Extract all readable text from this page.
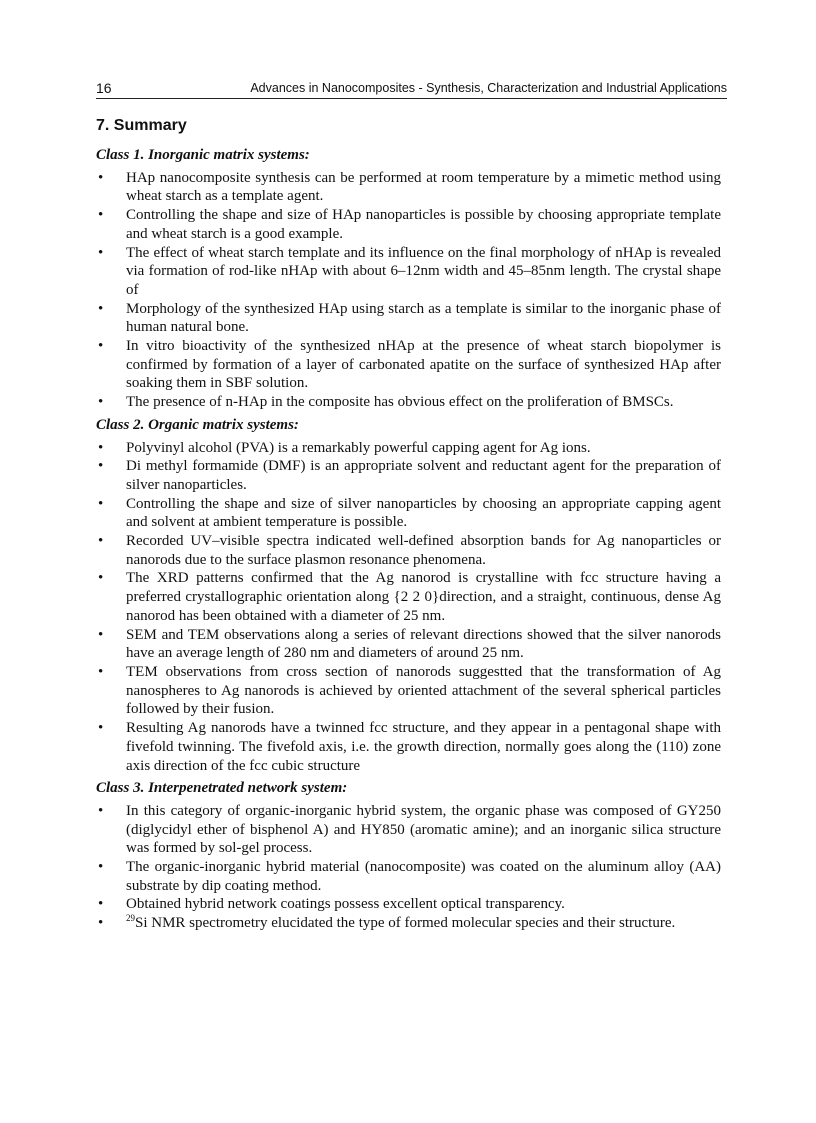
16	Advances in Nanocomposites - Synthesis, Characterization and Industrial Applications
7. Summary
Class 1. Inorganic matrix systems:
• HAp nanocomposite synthesis can be performed at room temperature by a mimetic method using wheat starch as a template agent.
• Controlling the shape and size of HAp nanoparticles is possible by choosing appropriate template and wheat starch is a good example.
• The effect of wheat starch template and its influence on the final morphology of nHAp is revealed via formation of rod-like nHAp with about 6–12nm width and 45–85nm length. The crystal shape of
• Morphology of the synthesized HAp using starch as a template is similar to the inorganic phase of human natural bone.
• In vitro bioactivity of the synthesized nHAp at the presence of wheat starch biopolymer is confirmed by formation of a layer of carbonated apatite on the surface of synthesized HAp after soaking them in SBF solution.
• The presence of n-HAp in the composite has obvious effect on the proliferation of BMSCs.
Class 2. Organic matrix systems:
• Polyvinyl alcohol (PVA) is a remarkably powerful capping agent for Ag ions.
• Di methyl formamide (DMF) is an appropriate solvent and reductant agent for the preparation of silver nanoparticles.
• Controlling the shape and size of silver nanoparticles by choosing an appropriate capping agent and solvent at ambient temperature is possible.
• Recorded UV–visible spectra indicated well-defined absorption bands for Ag nanoparticles or nanorods due to the surface plasmon resonance phenomena.
• The XRD patterns confirmed that the Ag nanorod is crystalline with fcc structure having a preferred crystallographic orientation along {2 2 0}direction, and a straight, continuous, dense Ag nanorod has been obtained with a diameter of 25 nm.
• SEM and TEM observations along a series of relevant directions showed that the silver nanorods have an average length of 280 nm and diameters of around 25 nm.
• TEM observations from cross section of nanorods suggestted that the transformation of Ag nanospheres to Ag nanorods is achieved by oriented attachment of the several spherical particles followed by their fusion.
• Resulting Ag nanorods have a twinned fcc structure, and they appear in a pentagonal shape with fivefold twinning. The fivefold axis, i.e. the growth direction, normally goes along the (110) zone axis direction of the fcc cubic structure
Class 3. Interpenetrated network system:
• In this category of organic-inorganic hybrid system, the organic phase was composed of GY250 (diglycidyl ether of bisphenol A) and HY850 (aromatic amine); and an inorganic silica structure was formed by sol-gel process.
• The organic-inorganic hybrid material (nanocomposite) was coated on the aluminum alloy (AA) substrate by dip coating method.
• Obtained hybrid network coatings possess excellent optical transparency.
•	$^{29}$Si NMR spectrometry elucidated the type of formed molecular species and their structure.
